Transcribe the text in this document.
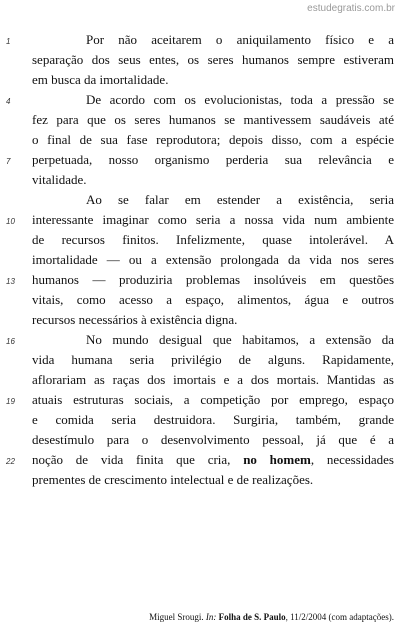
estudegratis.com.br
Por não aceitarem o aniquilamento físico e a
1
separação dos seus entes, os seres humanos sempre estiveram
em busca da imortalidade.
De acordo com os evolucionistas, toda a pressão se
4
fez para que os seres humanos se mantivessem saudáveis até
o final de sua fase reprodutora; depois disso, com a espécie
perpetuada, nosso organismo perderia sua relevância e
7
vitalidade.
Ao se falar em estender a existência, seria
interessante imaginar como seria a nossa vida num ambiente
10
de recursos finitos. Infelizmente, quase intolerável. A
imortalidade — ou a extensão prolongada da vida nos seres
humanos — produziria problemas insolúveis em questões
13
vitais, como acesso a espaço, alimentos, água e outros
recursos necessários à existência digna.
No mundo desigual que habitamos, a extensão da
16
vida humana seria privilégio de alguns. Rapidamente,
aflorariam as raças dos imortais e a dos mortais. Mantidas as
atuais estruturas sociais, a competição por emprego, espaço
19
e comida seria destruidora. Surgiria, também, grande
desestímulo para o desenvolvimento pessoal, já que é a
noção de vida finita que cria, no homem, necessidades
22
prementes de crescimento intelectual e de realizações.
Miguel Srougi. In: Folha de S. Paulo, 11/2/2004 (com adaptações).
